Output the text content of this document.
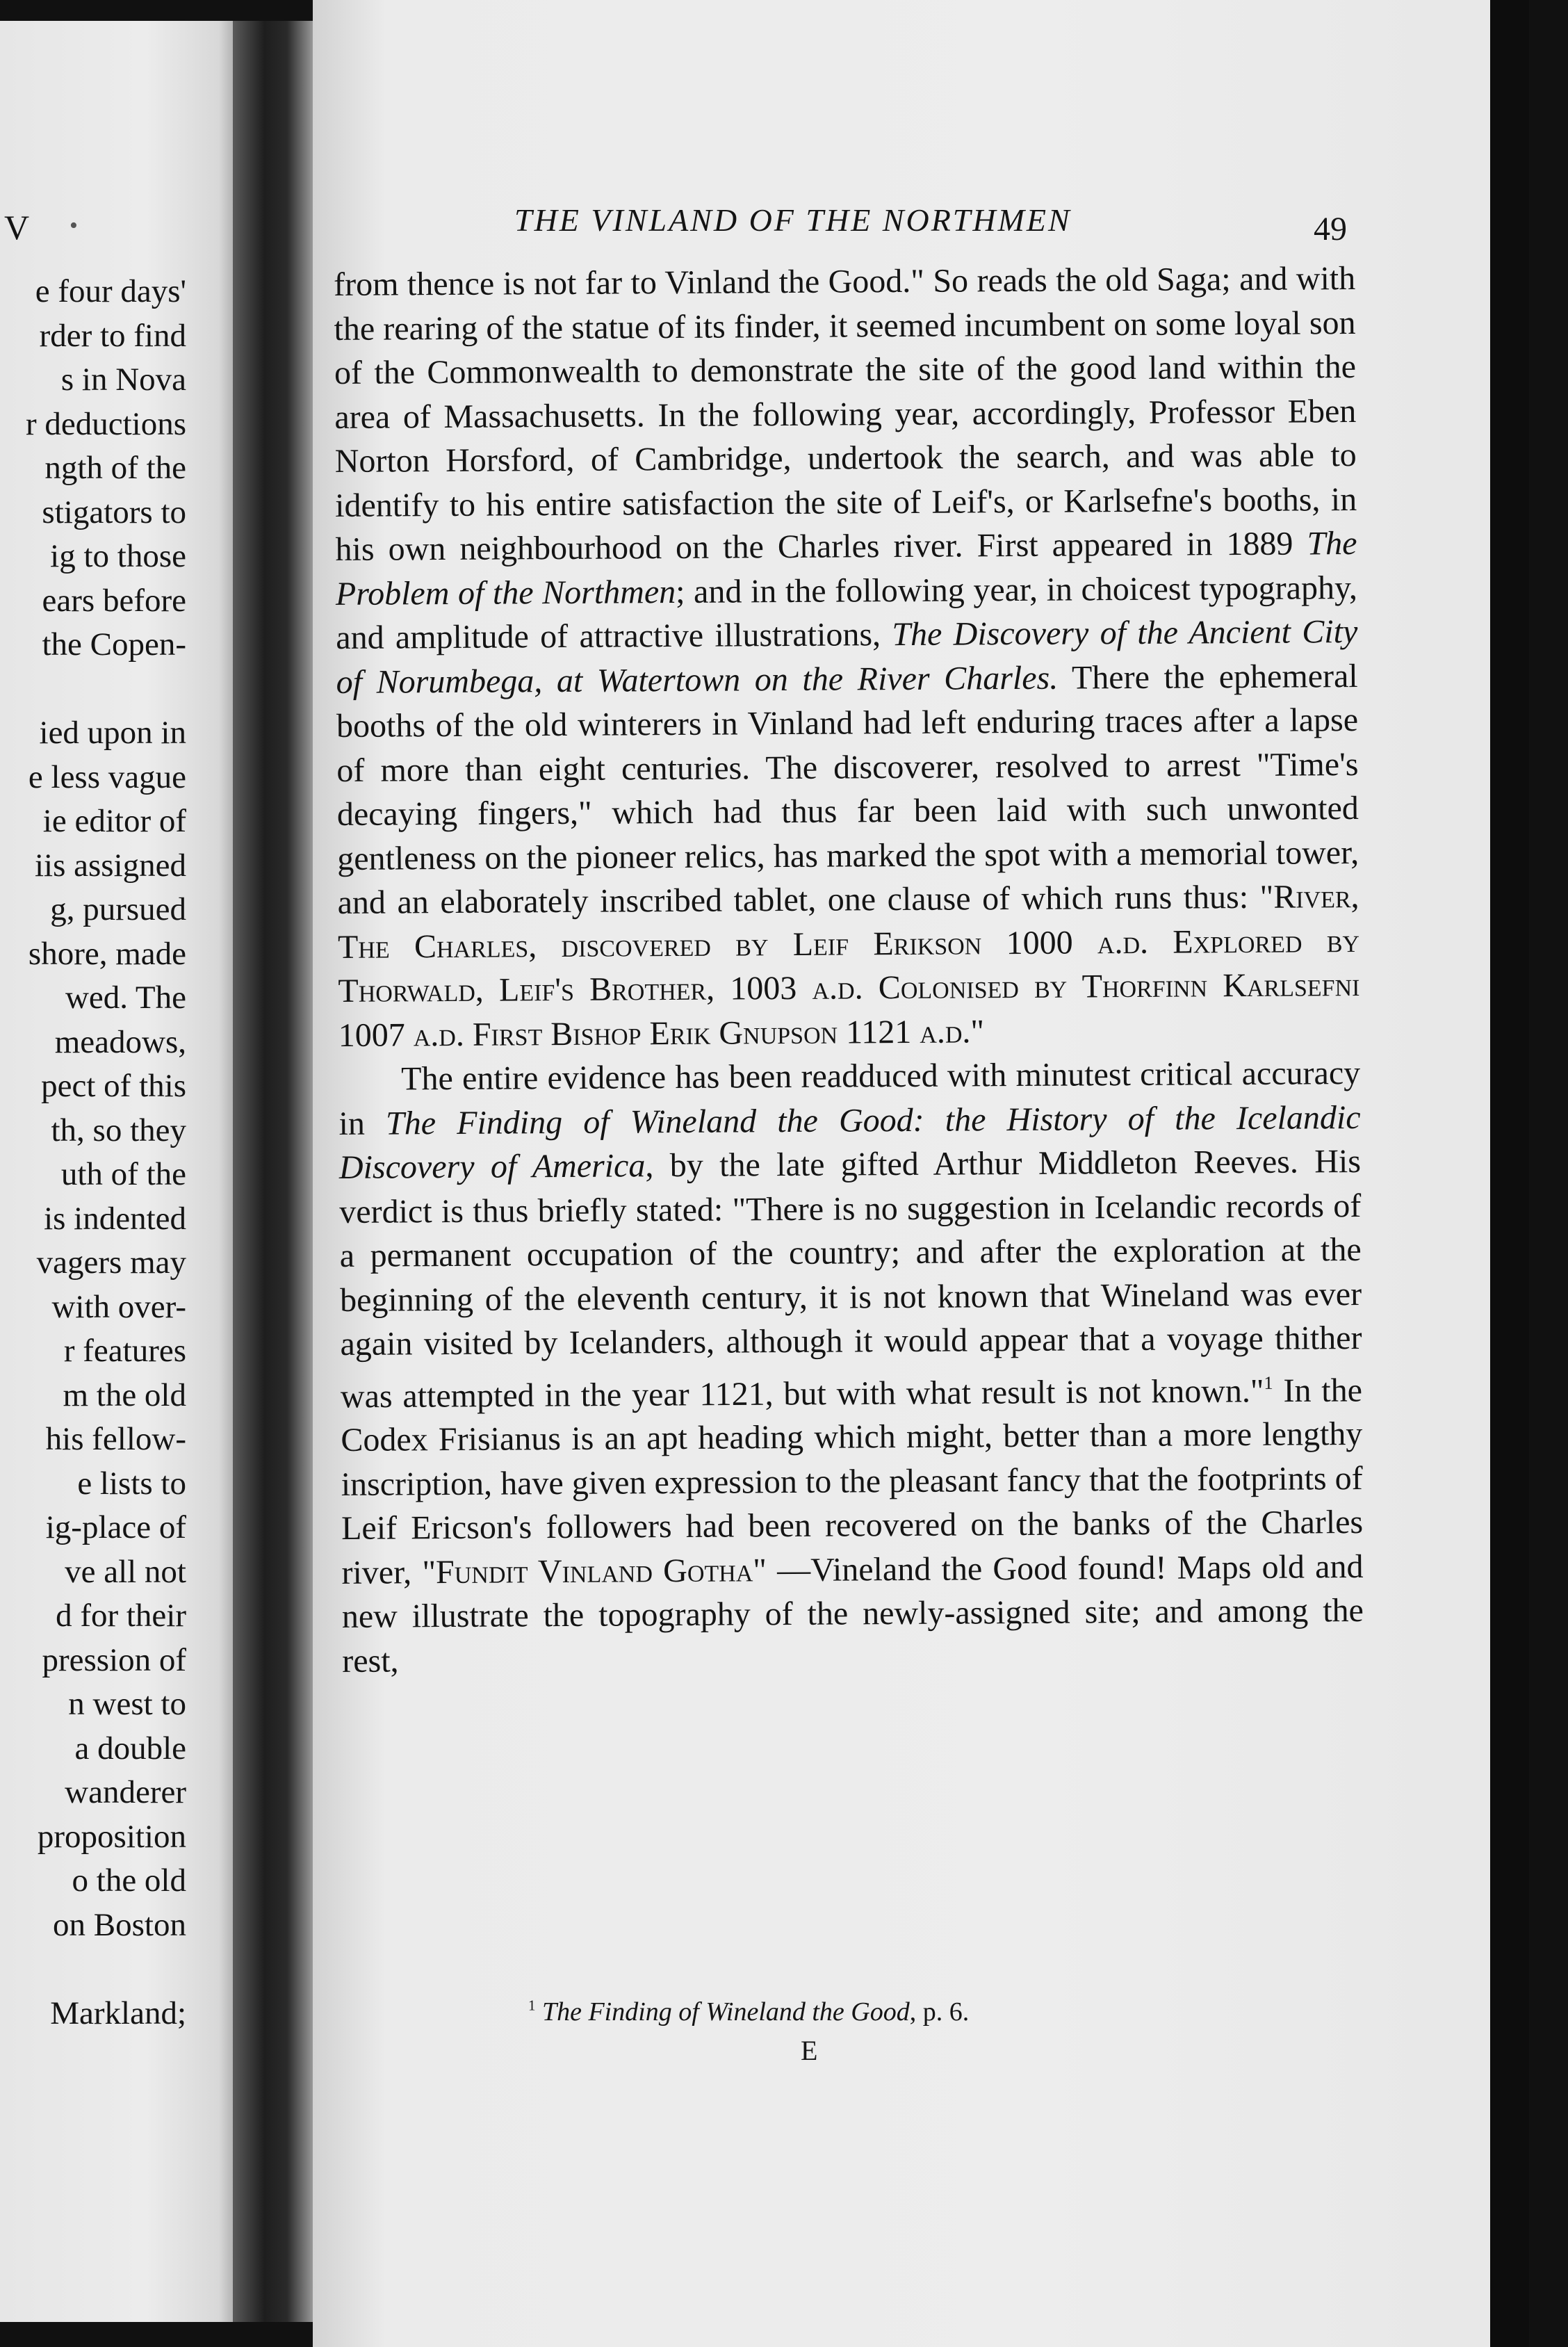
V •
e four days'
rder to find
s in Nova
r deductions
ngth of the
stigators to
ig to those
ears before
the Copen-

ied upon in
e less vague
ie editor of
iis assigned
g, pursued
shore, made
wed. The
meadows,
pect of this
th, so they
uth of the
is indented
vagers may
with over-
r features
m the old
his fellow-
e lists to
ig-place of
ve all not
d for their
pression of
n west to
a double
wanderer
proposition
o the old
on Boston

Markland;
THE VINLAND OF THE NORTHMEN	49

from thence is not far to Vinland the Good." So reads the old Saga; and with the rearing of the statue of its finder, it seemed incumbent on some loyal son of the Commonwealth to demonstrate the site of the good land within the area of Massachusetts. In the following year, accordingly, Professor Eben Norton Horsford, of Cambridge, undertook the search, and was able to identify to his entire satisfaction the site of Leif's, or Karlsefne's booths, in his own neighbourhood on the Charles river. First appeared in 1889 The Problem of the Northmen; and in the following year, in choicest typography, and amplitude of attractive illustrations, The Discovery of the Ancient City of Norumbega, at Watertown on the River Charles. There the ephemeral booths of the old winterers in Vinland had left enduring traces after a lapse of more than eight centuries. The discoverer, resolved to arrest "Time's decaying fingers," which had thus far been laid with such unwonted gentleness on the pioneer relics, has marked the spot with a memorial tower, and an elaborately inscribed tablet, one clause of which runs thus: "River, The Charles, discovered by Leif Erikson 1000 a.d. Explored by Thorwald, Leif's Brother, 1003 a.d. Colonised by Thorfinn Karlsefni 1007 a.d. First Bishop Erik Gnupson 1121 a.d."

The entire evidence has been readduced with minutest critical accuracy in The Finding of Wineland the Good: the History of the Icelandic Discovery of America, by the late gifted Arthur Middleton Reeves. His verdict is thus briefly stated: "There is no suggestion in Icelandic records of a permanent occupation of the country; and after the exploration at the beginning of the eleventh century, it is not known that Wineland was ever again visited by Icelanders, although it would appear that a voyage thither was attempted in the year 1121, but with what result is not known."$^1$ In the Codex Frisianus is an apt heading which might, better than a more lengthy inscription, have given expression to the pleasant fancy that the footprints of Leif Ericson's followers had been recovered on the banks of the Charles river, "Fundit Vinland Gotha" —Vineland the Good found! Maps old and new illustrate the topography of the newly-assigned site; and among the rest,

$^1$ The Finding of Wineland the Good, p. 6.
E
